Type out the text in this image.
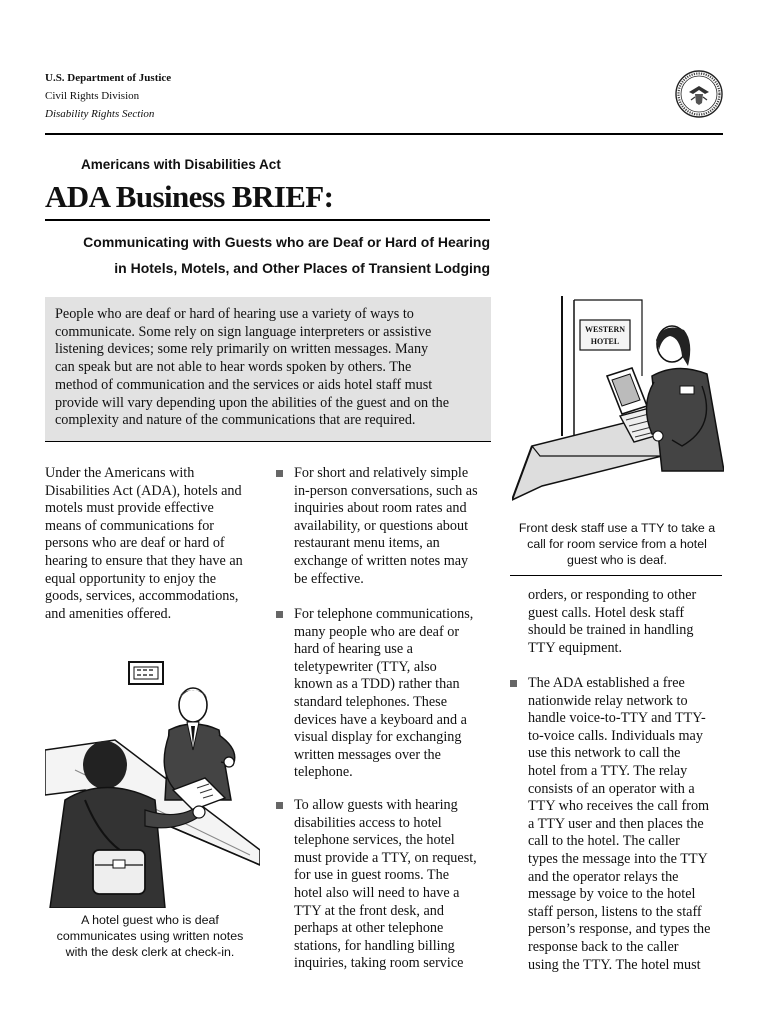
U.S. Department of Justice
Civil Rights Division
Disability Rights Section
Americans with Disabilities Act
ADA Business BRIEF:
Communicating with Guests who are Deaf or Hard of Hearing
in Hotels, Motels, and Other Places of Transient Lodging
People who are deaf or hard of hearing use a variety of ways to
communicate. Some rely on sign language interpreters or assistive
listening devices; some rely primarily on written messages. Many
can speak but are not able to hear words spoken by others. The
method of communication and the services or aids hotel staff must
provide will vary depending upon the abilities of the guest and on the
complexity and nature of the communications that are required.
Under the Americans with
Disabilities Act (ADA), hotels and
motels must provide effective
means of communications for
persons who are deaf or hard of
hearing to ensure that they have an
equal opportunity to enjoy the
goods, services, accommodations,
and amenities offered.
A hotel guest who is deaf
communicates using written notes
with the desk clerk at check-in.
For short and relatively simple
in-person conversations, such as
inquiries about room rates and
availability, or questions about
restaurant menu items, an
exchange of written notes may
be effective.
For telephone communications,
many people who are deaf or
hard of hearing use a
teletypewriter (TTY, also
known as a TDD) rather than
standard telephones. These
devices have a keyboard and a
visual display for exchanging
written messages over the
telephone.
To allow guests with hearing
disabilities access to hotel
telephone services, the hotel
must provide a TTY, on request,
for use in guest rooms. The
hotel also will need to have a
TTY at the front desk, and
perhaps at other telephone
stations, for handling billing
inquiries, taking room service
WESTERN
HOTEL
Front desk staff use a TTY to take a
call for room service from a hotel
guest who is deaf.
orders, or responding to other
guest calls. Hotel desk staff
should be trained in handling
TTY equipment.
The ADA established a free
nationwide relay network to
handle voice-to-TTY and TTY-
to-voice calls. Individuals may
use this network to call the
hotel from a TTY. The relay
consists of an operator with a
TTY who receives the call from
a TTY user and then places the
call to the hotel. The caller
types the message into the TTY
and the operator relays the
message by voice to the hotel
staff person, listens to the staff
person’s response, and types the
response back to the caller
using the TTY. The hotel must
